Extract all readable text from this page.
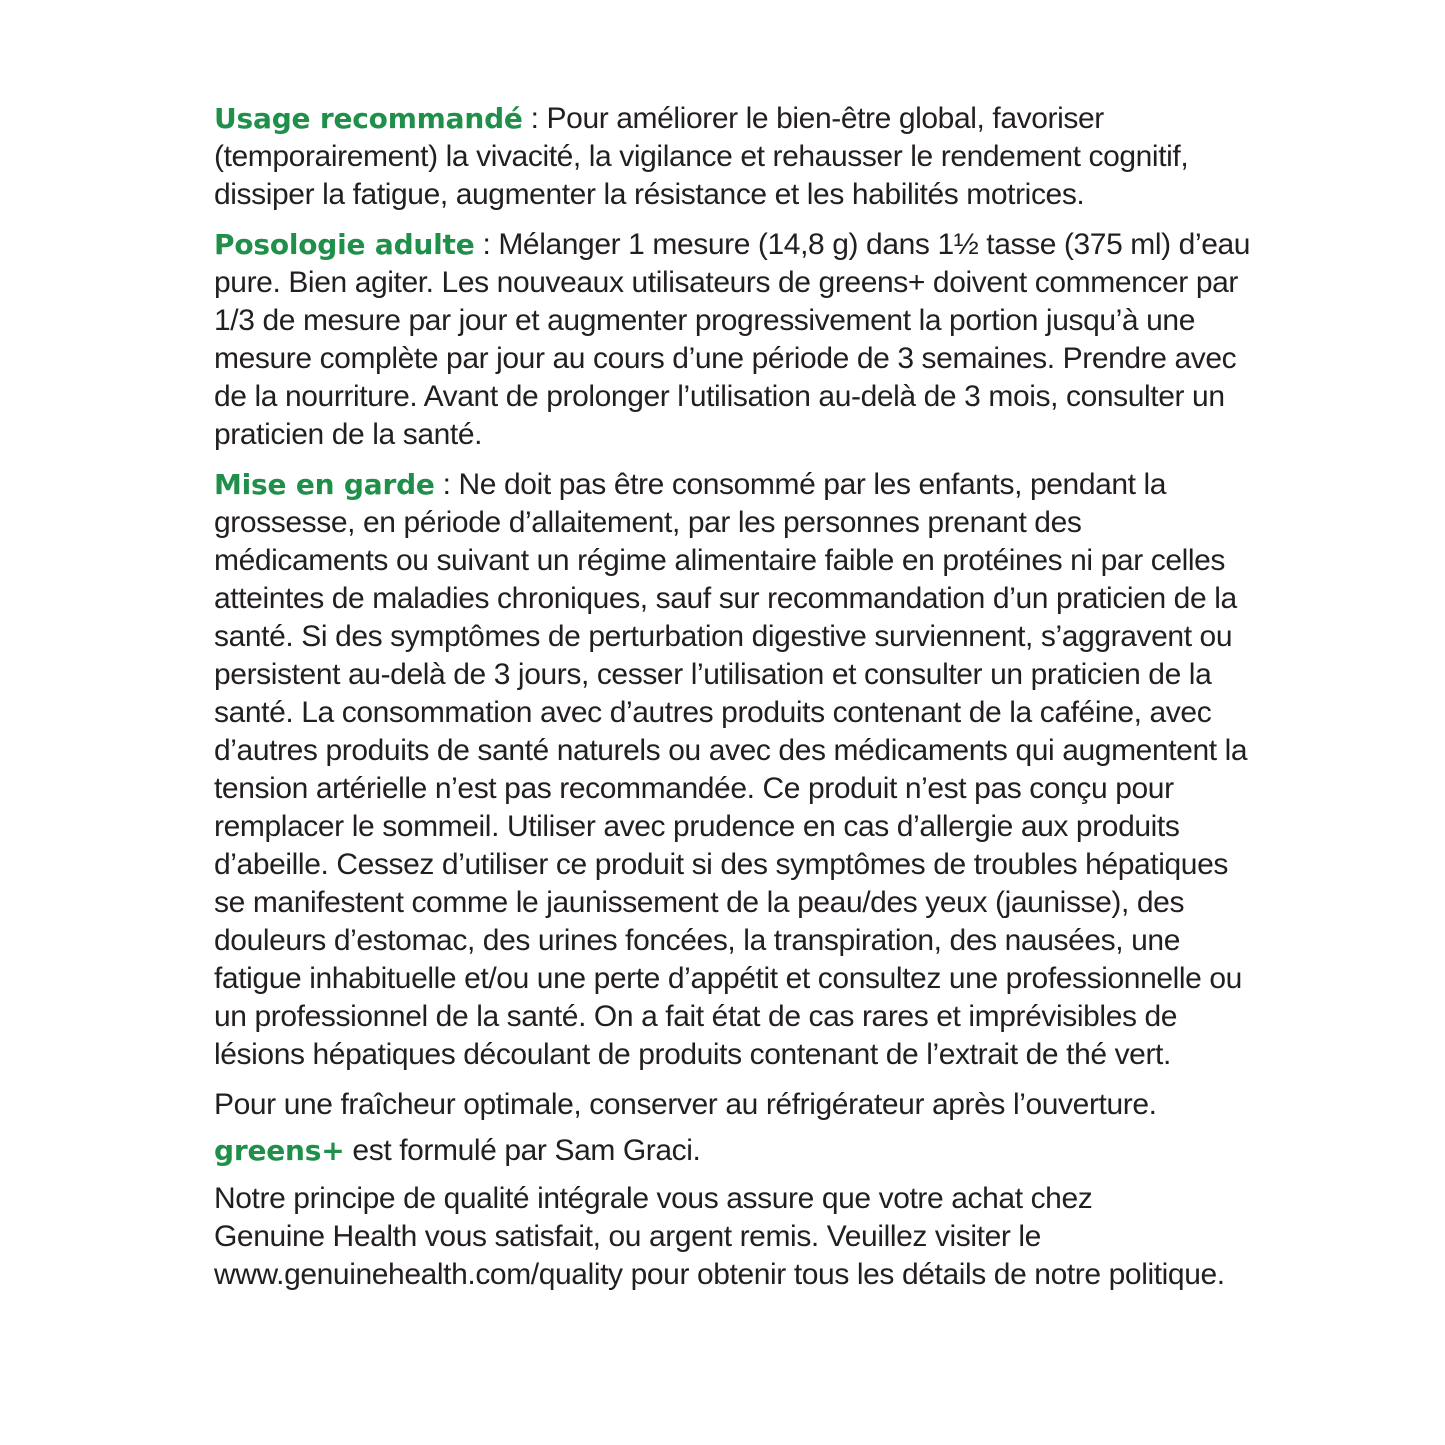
Usage recommandé : Pour améliorer le bien-être global, favoriser (temporairement) la vivacité, la vigilance et rehausser le rendement cognitif, dissiper la fatigue, augmenter la résistance et les habilités motrices.

Posologie adulte : Mélanger 1 mesure (14,8 g) dans 1½ tasse (375 ml) d’eau pure. Bien agiter. Les nouveaux utilisateurs de greens+ doivent commencer par 1/3 de mesure par jour et augmenter progressivement la portion jusqu’à une mesure complète par jour au cours d’une période de 3 semaines. Prendre avec de la nourriture. Avant de prolonger l’utilisation au-delà de 3 mois, consulter un praticien de la santé.

Mise en garde : Ne doit pas être consommé par les enfants, pendant la grossesse, en période d’allaitement, par les personnes prenant des médicaments ou suivant un régime alimentaire faible en protéines ni par celles atteintes de maladies chroniques, sauf sur recommandation d’un praticien de la santé. Si des symptômes de perturbation digestive surviennent, s’aggravent ou persistent au-delà de 3 jours, cesser l’utilisation et consulter un praticien de la santé. La consommation avec d’autres produits contenant de la caféine, avec d’autres produits de santé naturels ou avec des médicaments qui augmentent la tension artérielle n’est pas recommandée. Ce produit n’est pas conçu pour remplacer le sommeil. Utiliser avec prudence en cas d’allergie aux produits d’abeille. Cessez d’utiliser ce produit si des symptômes de troubles hépatiques se manifestent comme le jaunissement de la peau/des yeux (jaunisse), des douleurs d’estomac, des urines foncées, la transpiration, des nausées, une fatigue inhabituelle et/ou une perte d’appétit et consultez une professionnelle ou un professionnel de la santé. On a fait état de cas rares et imprévisibles de lésions hépatiques découlant de produits contenant de l’extrait de thé vert.

Pour une fraîcheur optimale, conserver au réfrigérateur après l’ouverture.

greens+ est formulé par Sam Graci.

Notre principe de qualité intégrale vous assure que votre achat chez
Genuine Health vous satisfait, ou argent remis. Veuillez visiter le
www.genuinehealth.com/quality pour obtenir tous les détails de notre politique.
